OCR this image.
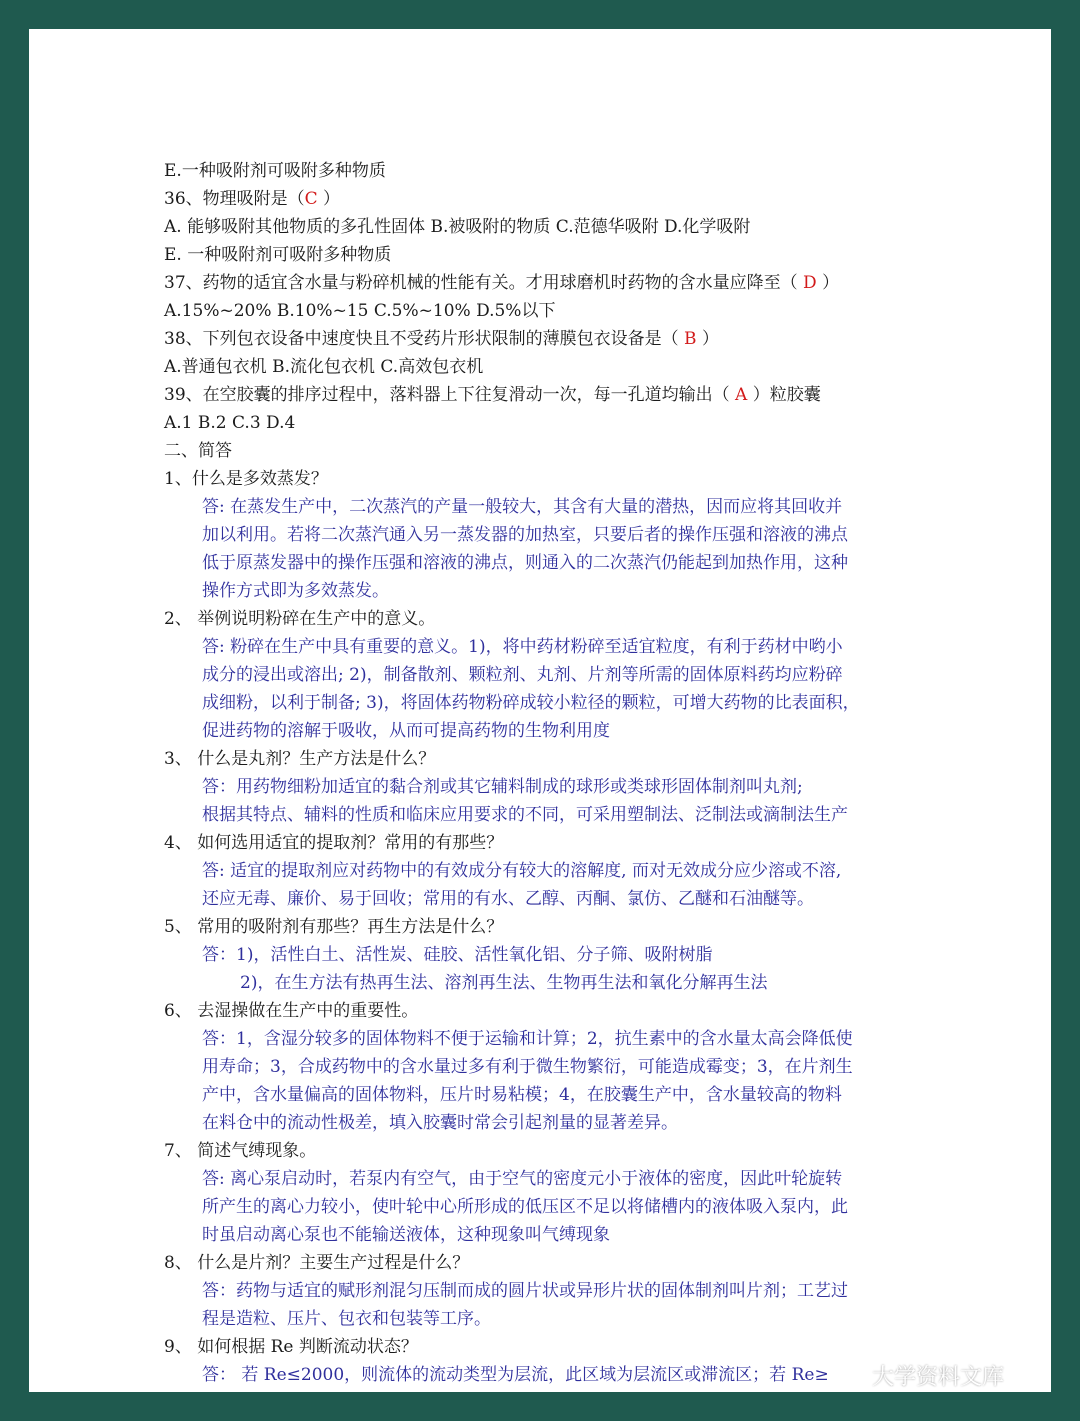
E.一种吸附剂可吸附多种物质
36、物理吸附是（C ）
A. 能够吸附其他物质的多孔性固体 B.被吸附的物质 C.范德华吸附 D.化学吸附
E. 一种吸附剂可吸附多种物质
37、药物的适宜含水量与粉碎机械的性能有关。才用球磨机时药物的含水量应降至（ D ）
A.15%~20% B.10%~15 C.5%~10% D.5%以下
38、下列包衣设备中速度快且不受药片形状限制的薄膜包衣设备是（ B ）
A.普通包衣机 B.流化包衣机 C.高效包衣机
39、在空胶囊的排序过程中，落料器上下往复滑动一次，每一孔道均输出（ A ）粒胶囊
A.1 B.2 C.3 D.4
二、简答
1、什么是多效蒸发？
答: 在蒸发生产中，二次蒸汽的产量一般较大，其含有大量的潜热，因而应将其回收并
加以利用。若将二次蒸汽通入另一蒸发器的加热室，只要后者的操作压强和溶液的沸点
低于原蒸发器中的操作压强和溶液的沸点，则通入的二次蒸汽仍能起到加热作用，这种
操作方式即为多效蒸发。
2、 举例说明粉碎在生产中的意义。
答: 粉碎在生产中具有重要的意义。1)，将中药材粉碎至适宜粒度，有利于药材中哟小
成分的浸出或溶出; 2)，制备散剂、颗粒剂、丸剂、片剂等所需的固体原料药均应粉碎
成细粉，以利于制备; 3)，将固体药物粉碎成较小粒径的颗粒，可增大药物的比表面积，
促进药物的溶解于吸收，从而可提高药物的生物利用度
3、 什么是丸剂？生产方法是什么？
答：用药物细粉加适宜的黏合剂或其它辅料制成的球形或类球形固体制剂叫丸剂;
根据其特点、辅料的性质和临床应用要求的不同，可采用塑制法、泛制法或滴制法生产
4、 如何选用适宜的提取剂？常用的有那些？
答: 适宜的提取剂应对药物中的有效成分有较大的溶解度, 而对无效成分应少溶或不溶,
还应无毒、廉价、易于回收；常用的有水、乙醇、丙酮、氯仿、乙醚和石油醚等。
5、 常用的吸附剂有那些？再生方法是什么？
答：1)，活性白土、活性炭、硅胶、活性氧化铝、分子筛、吸附树脂
2)，在生方法有热再生法、溶剂再生法、生物再生法和氧化分解再生法
6、 去湿操做在生产中的重要性。
答：1，含湿分较多的固体物料不便于运输和计算；2，抗生素中的含水量太高会降低使
用寿命；3，合成药物中的含水量过多有利于微生物繁衍，可能造成霉变；3，在片剂生
产中，含水量偏高的固体物料，压片时易粘模；4，在胶囊生产中，含水量较高的物料
在料仓中的流动性极差，填入胶囊时常会引起剂量的显著差异。
7、 简述气缚现象。
答: 离心泵启动时，若泵内有空气，由于空气的密度元小于液体的密度，因此叶轮旋转
所产生的离心力较小，使叶轮中心所形成的低压区不足以将储槽内的液体吸入泵内，此
时虽启动离心泵也不能输送液体，这种现象叫气缚现象
8、 什么是片剂？主要生产过程是什么？
答：药物与适宜的赋形剂混匀压制而成的圆片状或异形片状的固体制剂叫片剂；工艺过
程是造粒、压片、包衣和包装等工序。
9、 如何根据 Re 判断流动状态？
答： 若 Re≤2000，则流体的流动类型为层流，此区域为层流区或滞流区；若 Re≥	大学资料文库
